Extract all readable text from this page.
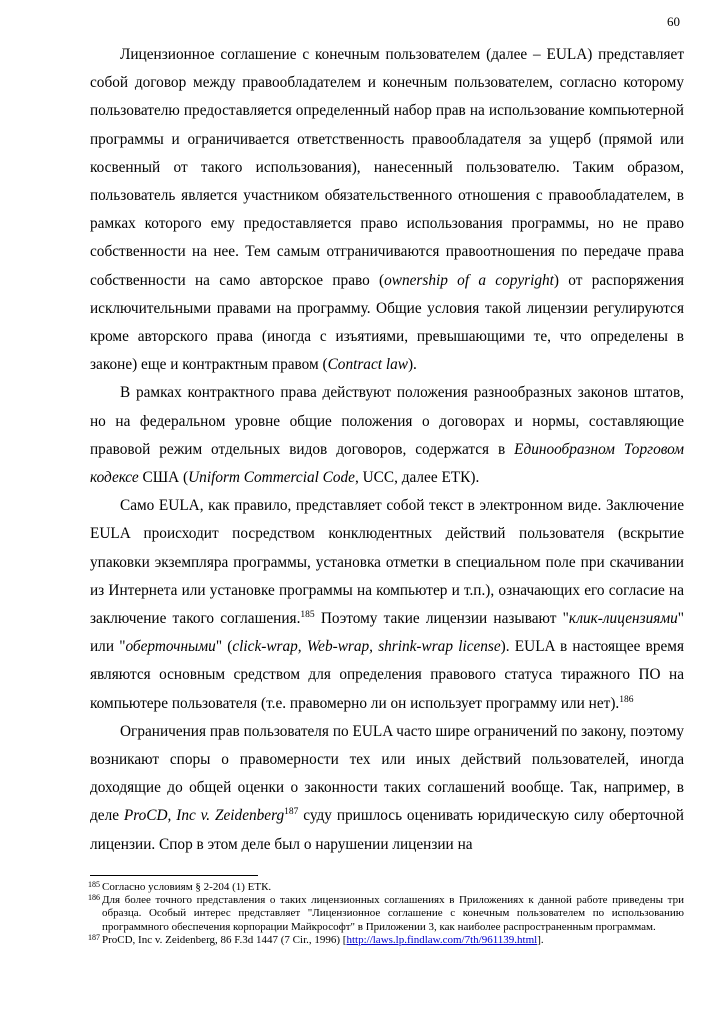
60

Лицензионное соглашение с конечным пользователем (далее – EULA) представляет собой договор между правообладателем и конечным пользователем, согласно которому пользователю предоставляется определенный набор прав на использование компьютерной программы и ограничивается ответственность правообладателя за ущерб (прямой или косвенный от такого использования), нанесенный пользователю. Таким образом, пользователь является участником обязательственного отношения с правообладателем, в рамках которого ему предоставляется право использования программы, но не право собственности на нее. Тем самым отграничиваются правоотношения по передаче права собственности на само авторское право (ownership of a copyright) от распоряжения исключительными правами на программу. Общие условия такой лицензии регулируются кроме авторского права (иногда с изъятиями, превышающими те, что определены в законе) еще и контрактным правом (Contract law).

В рамках контрактного права действуют положения разнообразных законов штатов, но на федеральном уровне общие положения о договорах и нормы, составляющие правовой режим отдельных видов договоров, содержатся в Единообразном Торговом кодексе США (Uniform Commercial Code, UCC, далее ЕТК).

Само EULA, как правило, представляет собой текст в электронном виде. Заключение EULA происходит посредством конклюдентных действий пользователя (вскрытие упаковки экземпляра программы, установка отметки в специальном поле при скачивании из Интернета или установке программы на компьютер и т.п.), означающих его согласие на заключение такого соглашения.$^{185}$ Поэтому такие лицензии называют "клик-лицензиями" или "оберточными" (click-wrap, Web-wrap, shrink-wrap license). EULA в настоящее время являются основным средством для определения правового статуса тиражного ПО на компьютере пользователя (т.е. правомерно ли он использует программу или нет).$^{186}$

Ограничения прав пользователя по EULA часто шире ограничений по закону, поэтому возникают споры о правомерности тех или иных действий пользователей, иногда доходящие до общей оценки о законности таких соглашений вообще. Так, например, в деле ProCD, Inc v. Zeidenberg$^{187}$ суду пришлось оценивать юридическую силу оберточной лицензии. Спор в этом деле был о нарушении лицензии на

185 Согласно условиям § 2-204 (1) ЕТК.

186 Для более точного представления о таких лицензионных соглашениях в Приложениях к данной работе приведены три образца. Особый интерес представляет "Лицензионное соглашение с конечным пользователем по использованию программного обеспечения корпорации Майкрософт" в Приложении 3, как наиболее распространенным программам.

187 ProCD, Inc v. Zeidenberg, 86 F.3d 1447 (7 Cir., 1996) [http://laws.lp.findlaw.com/7th/961139.html].
